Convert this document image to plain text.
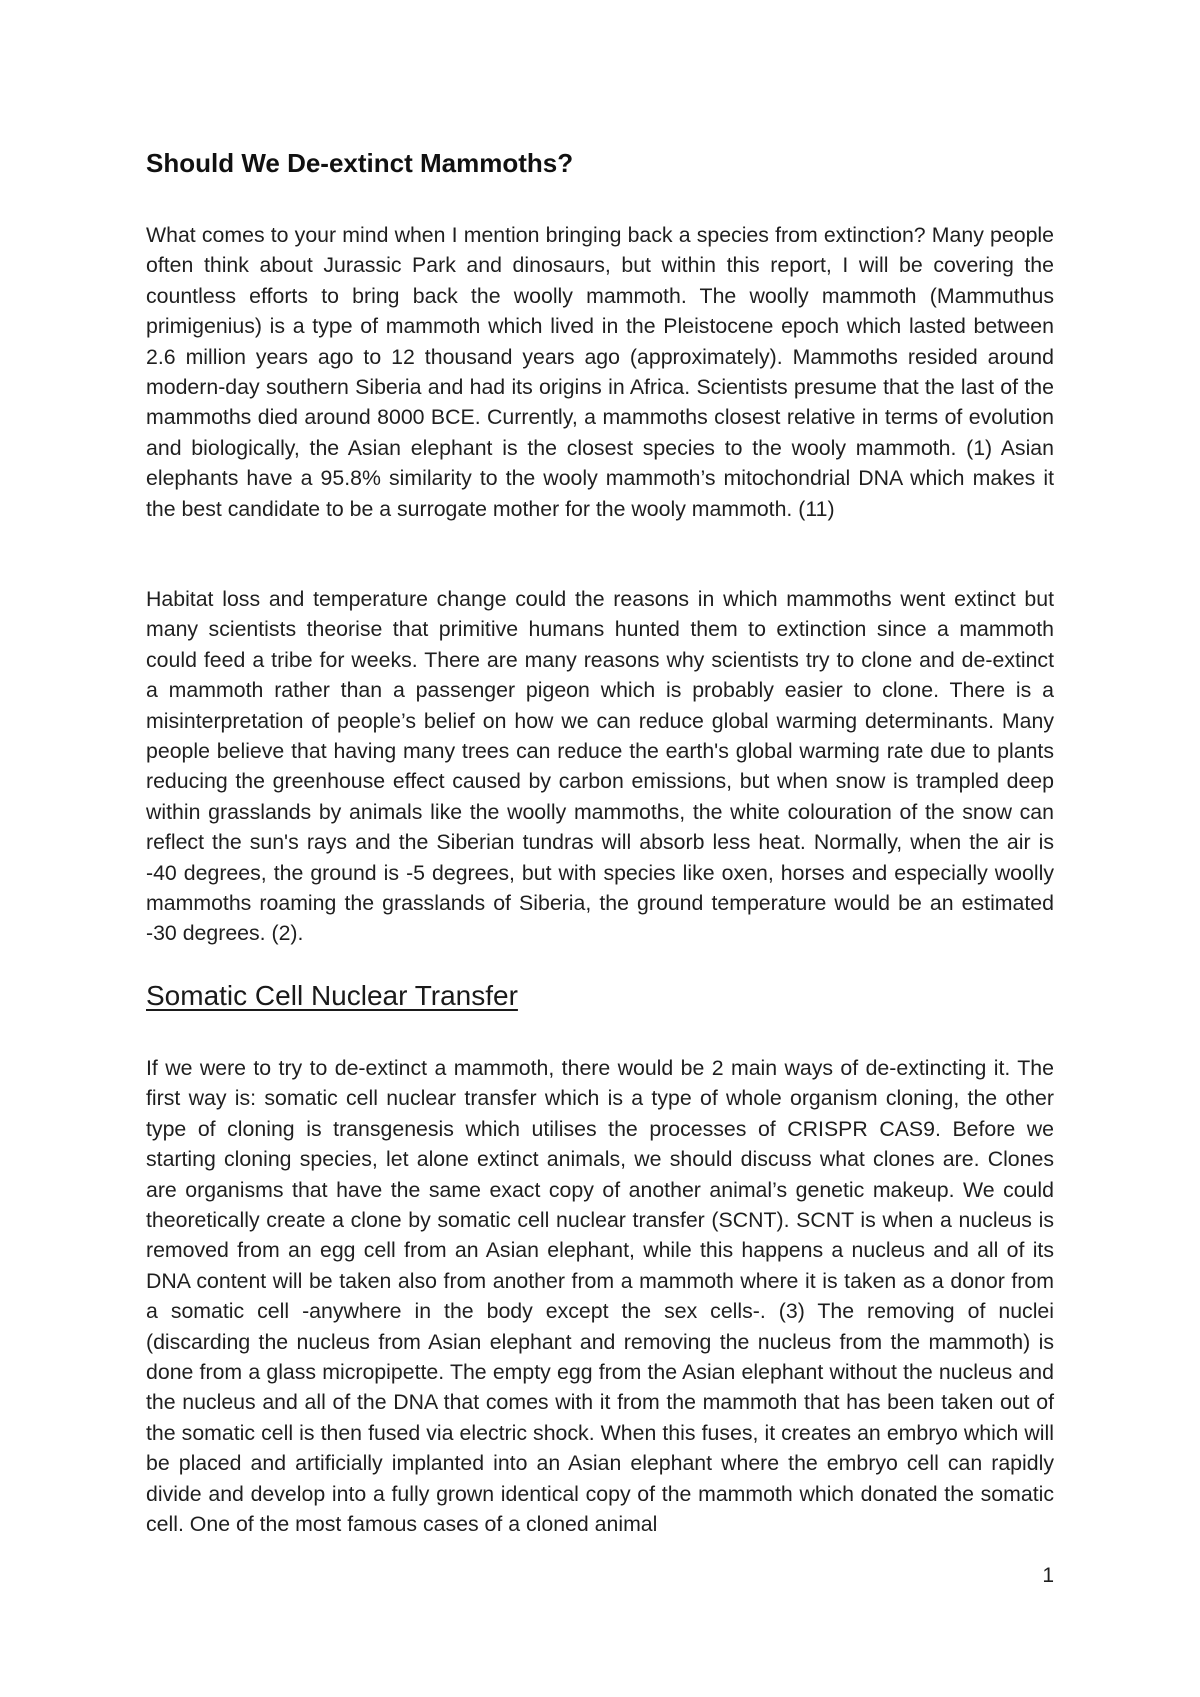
Should We De-extinct Mammoths?

What comes to your mind when I mention bringing back a species from extinction? Many people often think about Jurassic Park and dinosaurs, but within this report, I will be covering the countless efforts to bring back the woolly mammoth. The woolly mammoth (Mammuthus primigenius) is a type of mammoth which lived in the Pleistocene epoch which lasted between 2.6 million years ago to 12 thousand years ago (approximately). Mammoths resided around modern-day southern Siberia and had its origins in Africa. Scientists presume that the last of the mammoths died around 8000 BCE. Currently, a mammoths closest relative in terms of evolution and biologically, the Asian elephant is the closest species to the wooly mammoth. (1) Asian elephants have a 95.8% similarity to the wooly mammoth’s mitochondrial DNA which makes it the best candidate to be a surrogate mother for the wooly mammoth. (11)

Habitat loss and temperature change could the reasons in which mammoths went extinct but many scientists theorise that primitive humans hunted them to extinction since a mammoth could feed a tribe for weeks. There are many reasons why scientists try to clone and de-extinct a mammoth rather than a passenger pigeon which is probably easier to clone. There is a misinterpretation of people’s belief on how we can reduce global warming determinants. Many people believe that having many trees can reduce the earth's global warming rate due to plants reducing the greenhouse effect caused by carbon emissions, but when snow is trampled deep within grasslands by animals like the woolly mammoths, the white colouration of the snow can reflect the sun's rays and the Siberian tundras will absorb less heat. Normally, when the air is -40 degrees, the ground is -5 degrees, but with species like oxen, horses and especially woolly mammoths roaming the grasslands of Siberia, the ground temperature would be an estimated -30 degrees. (2).

Somatic Cell Nuclear Transfer

If we were to try to de-extinct a mammoth, there would be 2 main ways of de-extincting it. The first way is: somatic cell nuclear transfer which is a type of whole organism cloning, the other type of cloning is transgenesis which utilises the processes of CRISPR CAS9. Before we starting cloning species, let alone extinct animals, we should discuss what clones are. Clones are organisms that have the same exact copy of another animal’s genetic makeup. We could theoretically create a clone by somatic cell nuclear transfer (SCNT). SCNT is when a nucleus is removed from an egg cell from an Asian elephant, while this happens a nucleus and all of its DNA content will be taken also from another from a mammoth where it is taken as a donor from a somatic cell -anywhere in the body except the sex cells-. (3) The removing of nuclei (discarding the nucleus from Asian elephant and removing the nucleus from the mammoth) is done from a glass micropipette. The empty egg from the Asian elephant without the nucleus and the nucleus and all of the DNA that comes with it from the mammoth that has been taken out of the somatic cell is then fused via electric shock. When this fuses, it creates an embryo which will be placed and artificially implanted into an Asian elephant where the embryo cell can rapidly divide and develop into a fully grown identical copy of the mammoth which donated the somatic cell. One of the most famous cases of a cloned animal

1
